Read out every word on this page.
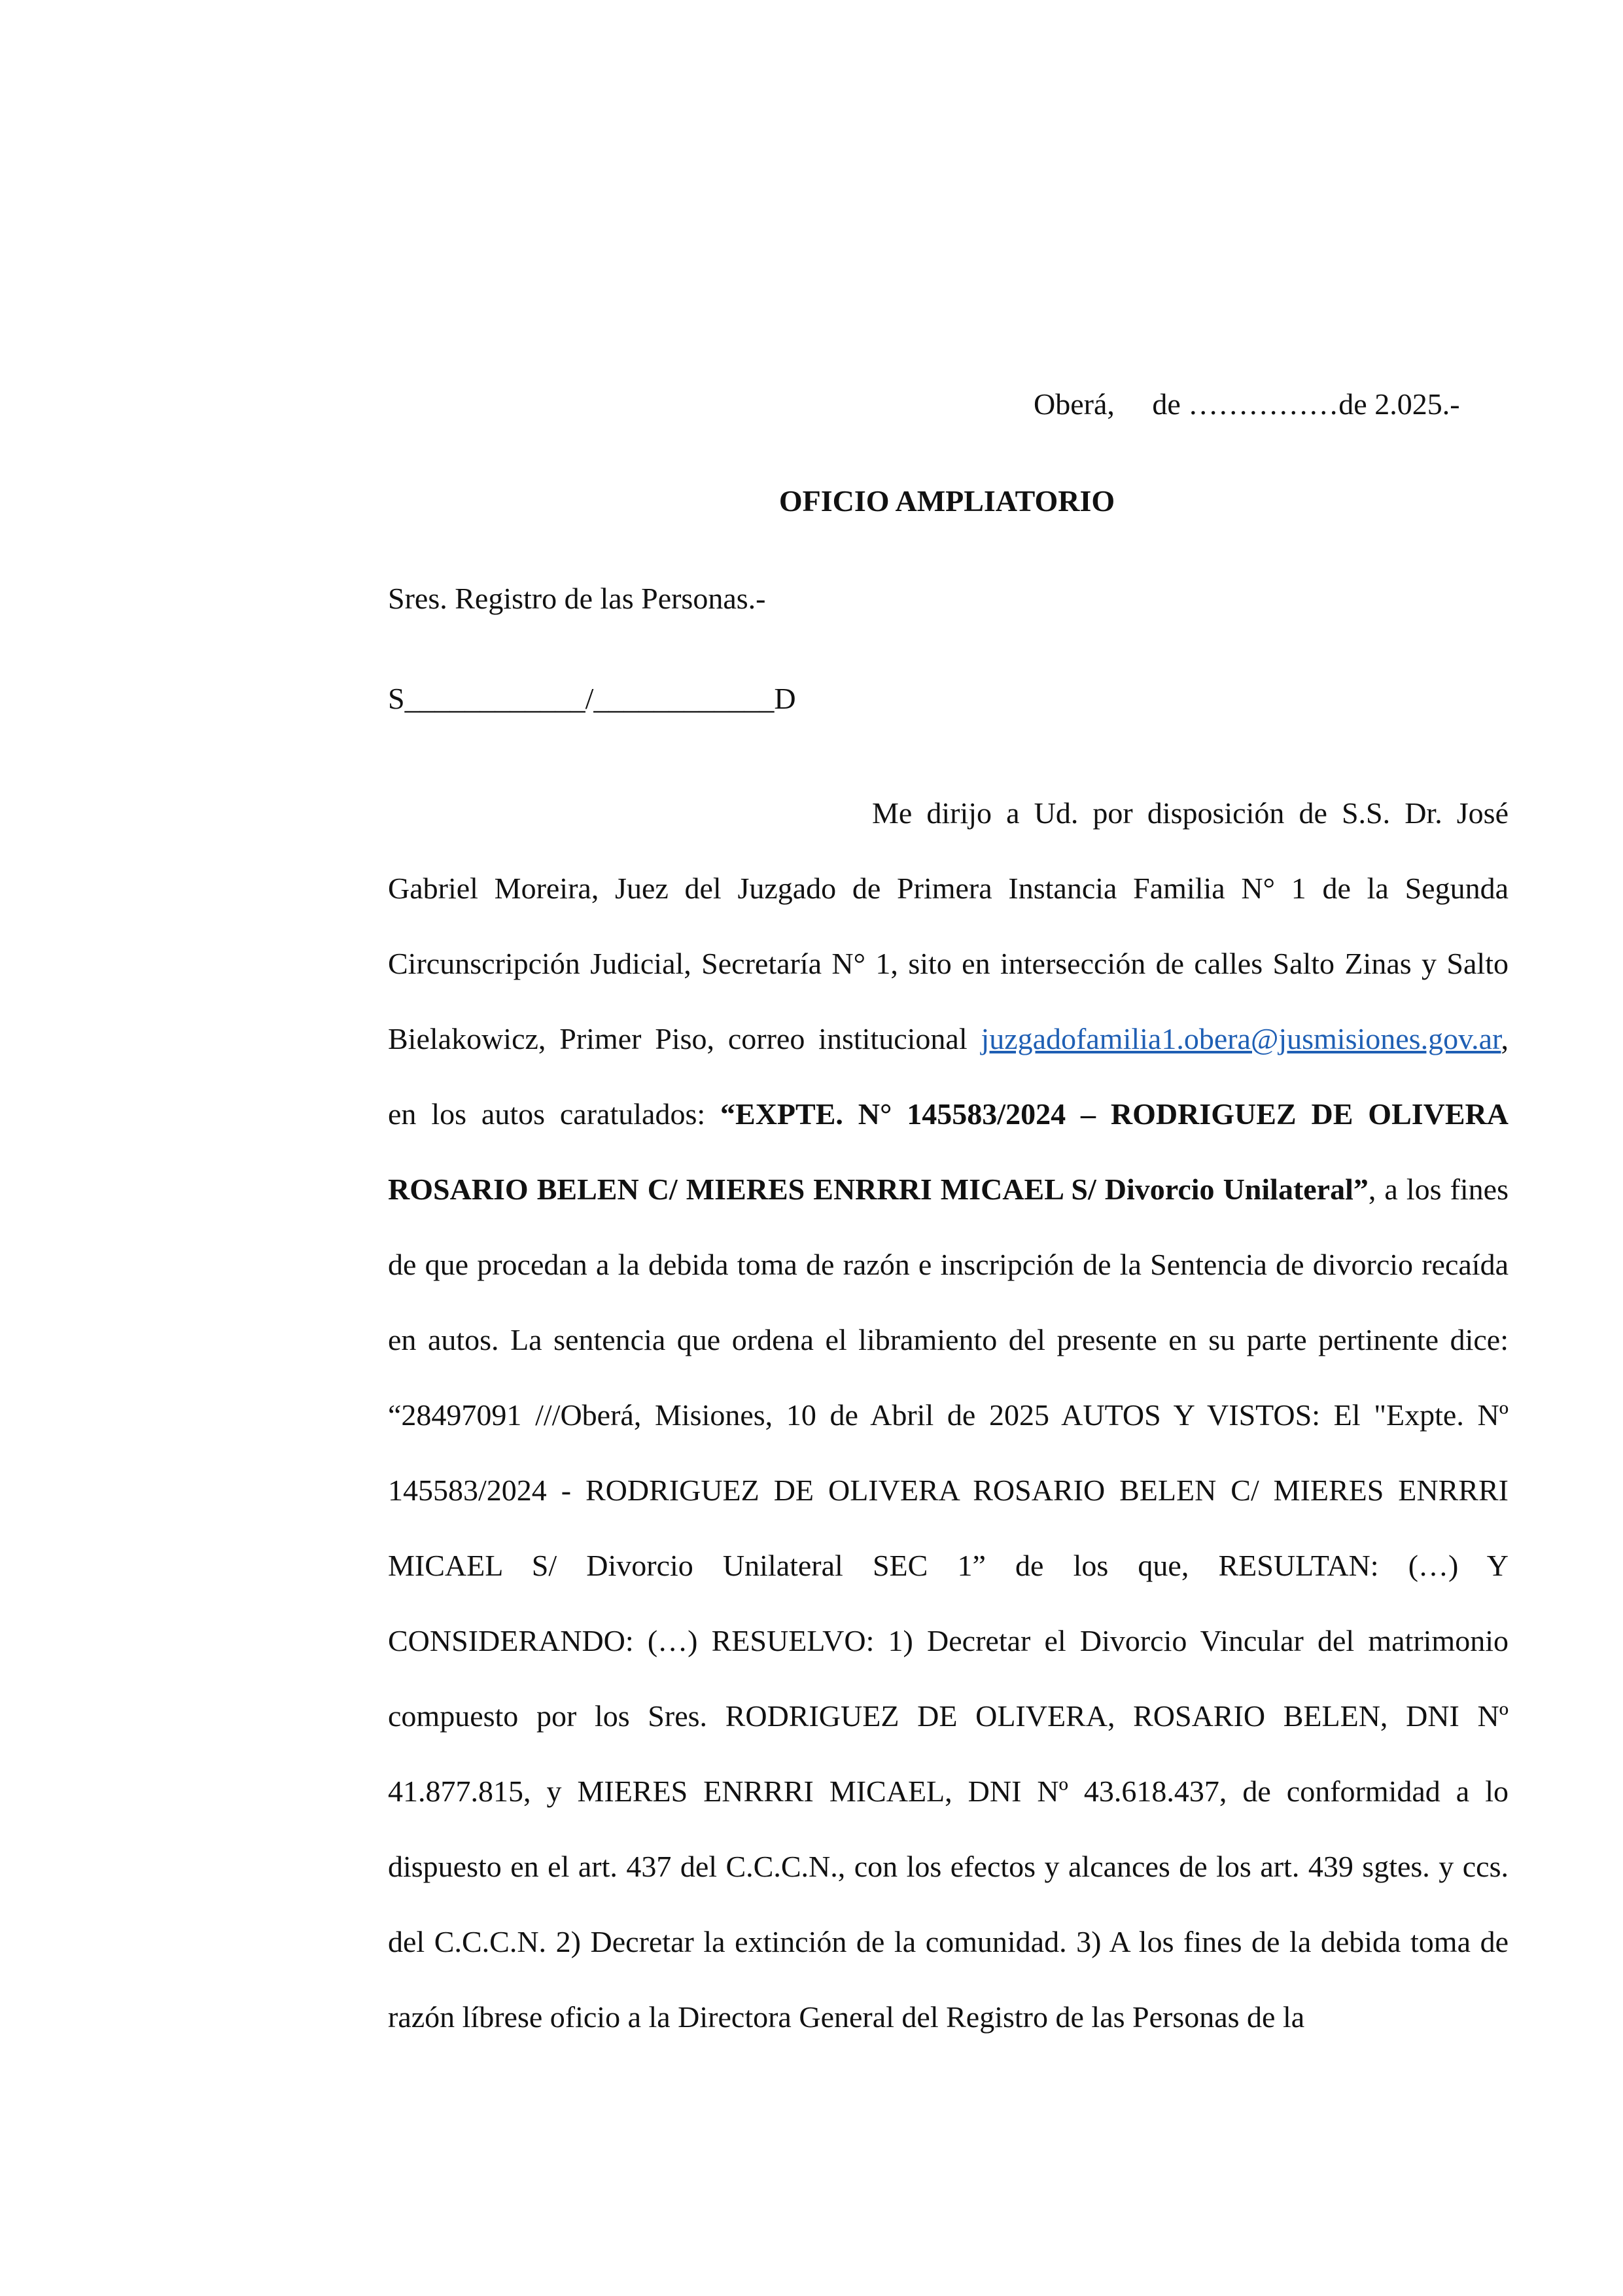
Oberá,     de ……………de 2.025.-
OFICIO AMPLIATORIO
Sres. Registro de las Personas.-
S____________/____________D
Me dirijo a Ud. por disposición de S.S. Dr. José Gabriel Moreira, Juez del Juzgado de Primera Instancia Familia N° 1 de la Segunda Circunscripción Judicial, Secretaría N° 1, sito en intersección de calles Salto Zinas y Salto Bielakowicz, Primer Piso, correo institucional juzgadofamilia1.obera@jusmisiones.gov.ar, en los autos caratulados: “EXPTE. N° 145583/2024 – RODRIGUEZ DE OLIVERA ROSARIO BELEN C/ MIERES ENRRRI MICAEL S/ Divorcio Unilateral”, a los fines de que procedan a la debida toma de razón e inscripción de la Sentencia de divorcio recaída en autos. La sentencia que ordena el libramiento del presente en su parte pertinente dice: “28497091 ///Oberá, Misiones, 10 de Abril de 2025 AUTOS Y VISTOS: El "Expte. Nº 145583/2024 - RODRIGUEZ DE OLIVERA ROSARIO BELEN C/ MIERES ENRRRI MICAEL S/ Divorcio Unilateral SEC 1” de los que, RESULTAN: (…) Y CONSIDERANDO: (…) RESUELVO: 1) Decretar el Divorcio Vincular del matrimonio compuesto por los Sres. RODRIGUEZ DE OLIVERA, ROSARIO BELEN, DNI Nº 41.877.815, y MIERES ENRRRI MICAEL, DNI Nº 43.618.437, de conformidad a lo dispuesto en el art. 437 del C.C.C.N., con los efectos y alcances de los art. 439 sgtes. y ccs. del C.C.C.N. 2) Decretar la extinción de la comunidad. 3) A los fines de la debida toma de razón líbrese oficio a la Directora General del Registro de las Personas de la
